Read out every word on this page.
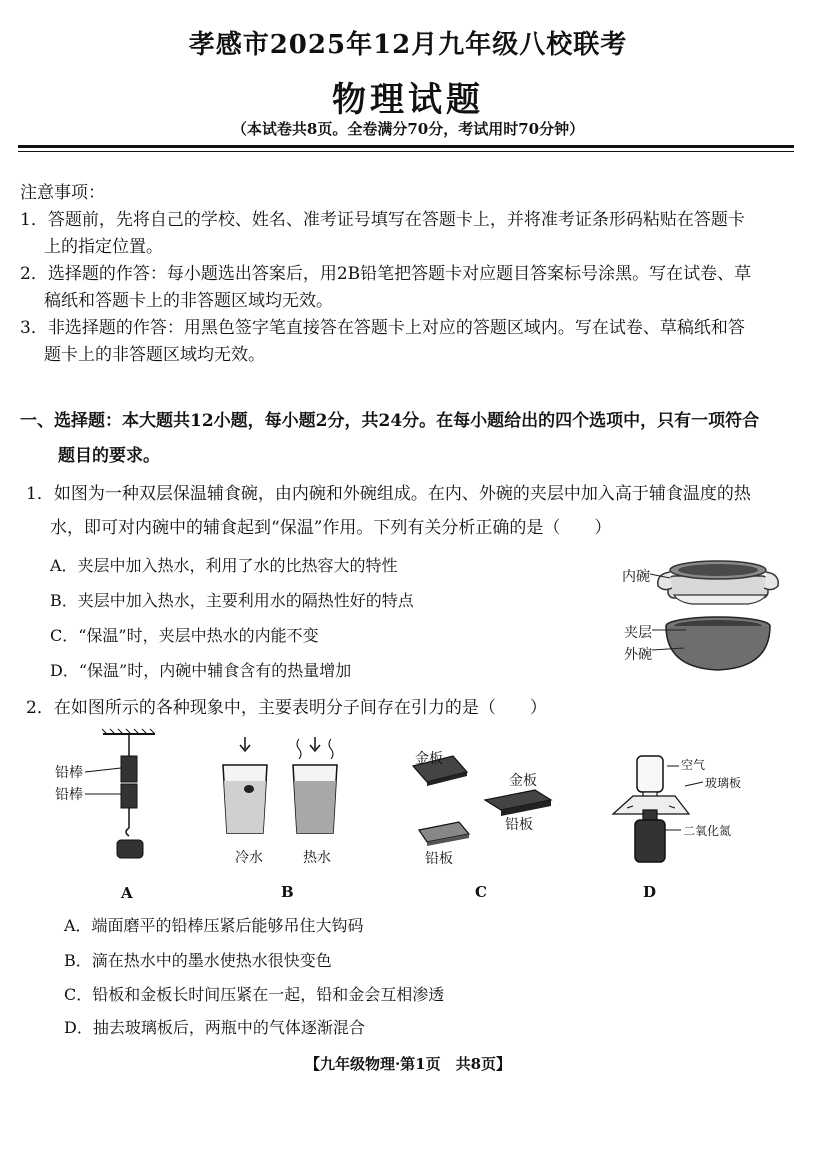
孝感市2025年12月九年级八校联考
物理试题
（本试卷共8页。全卷满分70分，考试用时70分钟）
注意事项：
1．答题前，先将自己的学校、姓名、准考证号填写在答题卡上，并将准考证条形码粘贴在答题卡
上的指定位置。
2．选择题的作答：每小题选出答案后，用2B铅笔把答题卡对应题目答案标号涂黑。写在试卷、草
稿纸和答题卡上的非答题区域均无效。
3．非选择题的作答：用黑色签字笔直接答在答题卡上对应的答题区域内。写在试卷、草稿纸和答
题卡上的非答题区域均无效。
一、选择题：本大题共12小题，每小题2分，共24分。在每小题给出的四个选项中，只有一项符合
题目的要求。
1．如图为一种双层保温辅食碗，由内碗和外碗组成。在内、外碗的夹层中加入高于辅食温度的热
水，即可对内碗中的辅食起到“保温”作用。下列有关分析正确的是（　　）
A．夹层中加入热水，利用了水的比热容大的特性
B．夹层中加入热水，主要利用水的隔热性好的特点
C．“保温”时，夹层中热水的内能不变
D．“保温”时，内碗中辅食含有的热量增加
内碗
夹层
外碗
2．在如图所示的各种现象中，主要表明分子间存在引力的是（　　）
铅棒
铅棒
A
冷水	热水
B
金板
金板
铅板
铅板
C
空气
玻璃板
二氧化氮
D
A．端面磨平的铅棒压紧后能够吊住大钩码
B．滴在热水中的墨水使热水很快变色
C．铅板和金板长时间压紧在一起，铅和金会互相渗透
D．抽去玻璃板后，两瓶中的气体逐渐混合
【九年级物理·第1页　共8页】
